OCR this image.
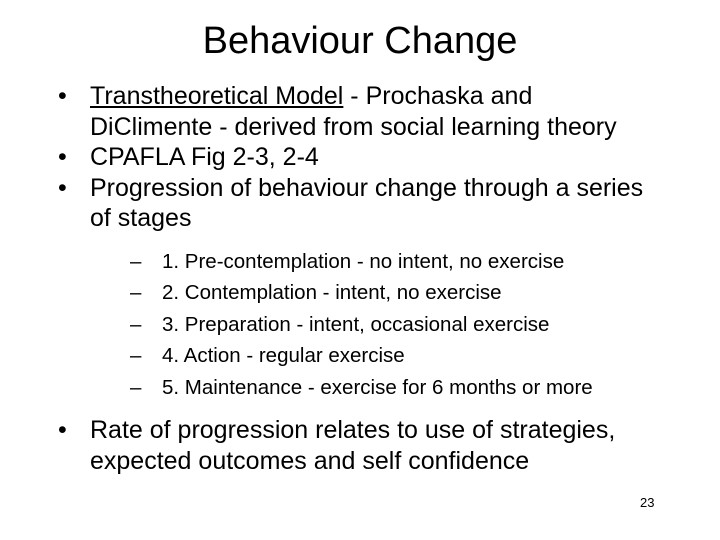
Behaviour Change
• Transtheoretical Model - Prochaska and DiClimente - derived from social learning theory
• CPAFLA Fig 2-3, 2-4
• Progression of behaviour change through a series of stages
– 1. Pre-contemplation - no intent, no exercise
– 2. Contemplation - intent, no exercise
– 3. Preparation - intent, occasional exercise
– 4. Action - regular exercise
– 5. Maintenance - exercise for 6 months or more
• Rate of progression relates to use of strategies, expected outcomes and self confidence
23
